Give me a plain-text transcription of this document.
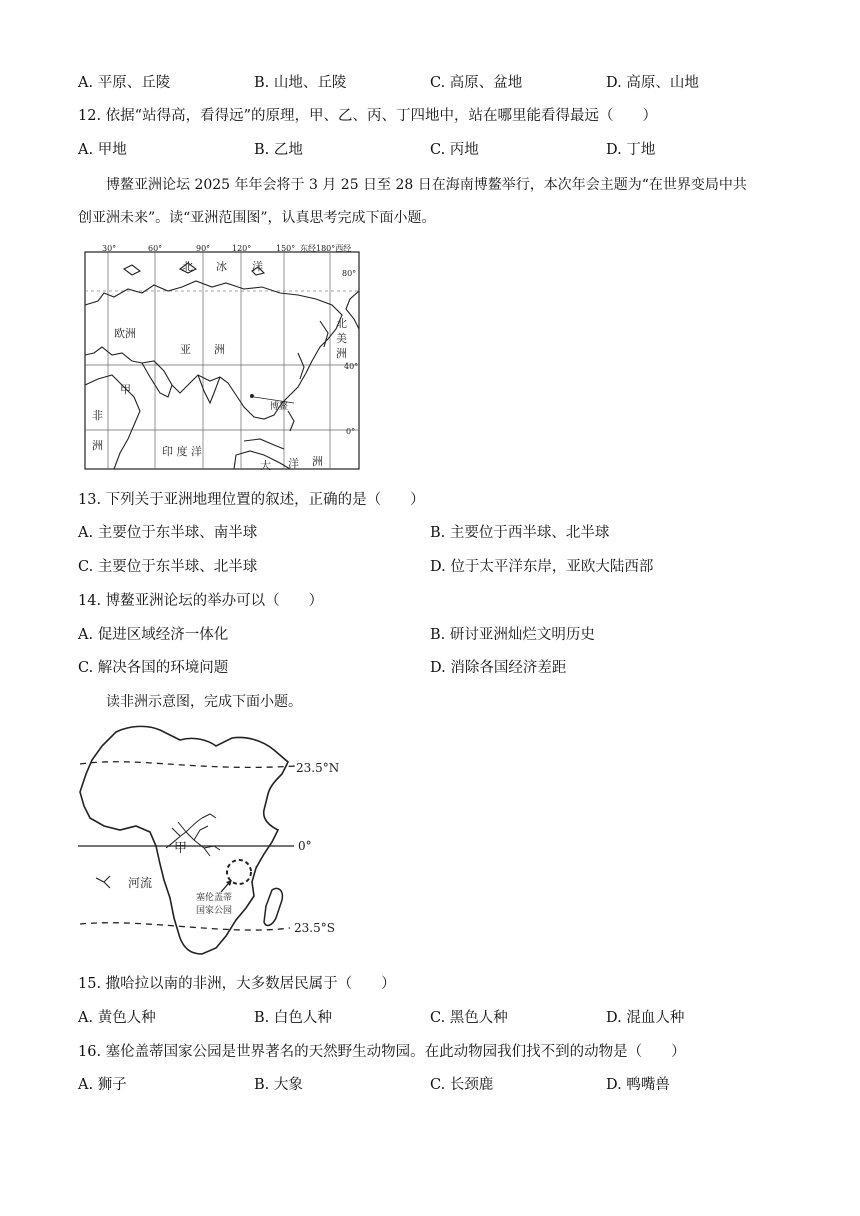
A. 平原、丘陵	B. 山地、丘陵	C. 高原、盆地	D. 高原、山地
12. 依据“站得高，看得远”的原理，甲、乙、丙、丁四地中，站在哪里能看得最远（　　）
A. 甲地	B. 乙地	C. 丙地	D. 丁地
博鳌亚洲论坛 2025 年年会将于 3 月 25 日至 28 日在海南博鳌举行，本次年会主题为“在世界变局中共
创亚洲未来”。读“亚洲范围图”，认真思考完成下面小题。
30°	60°	90°	120°	150° 东经180°西经
80°
40°
0°
北 冰 洋
欧洲
亚 洲
北
美
洲
甲
非
洲	印 度 洋
大 洋 洲
博鳌
13. 下列关于亚洲地理位置的叙述，正确的是（　　）
A. 主要位于东半球、南半球	B. 主要位于西半球、北半球
C. 主要位于东半球、北半球	D. 位于太平洋东岸，亚欧大陆西部
14. 博鳌亚洲论坛的举办可以（　　）
A. 促进区域经济一体化	B. 研讨亚洲灿烂文明历史
C. 解决各国的环境问题	D. 消除各国经济差距
读非洲示意图，完成下面小题。
河流
甲
塞伦盖蒂
国家公园
23.5°N
0°
23.5°S
15. 撒哈拉以南的非洲，大多数居民属于（　　）
A. 黄色人种	B. 白色人种	C. 黑色人种	D. 混血人种
16. 塞伦盖蒂国家公园是世界著名的天然野生动物园。在此动物园我们找不到的动物是（　　）
A. 狮子	B. 大象	C. 长颈鹿	D. 鸭嘴兽
